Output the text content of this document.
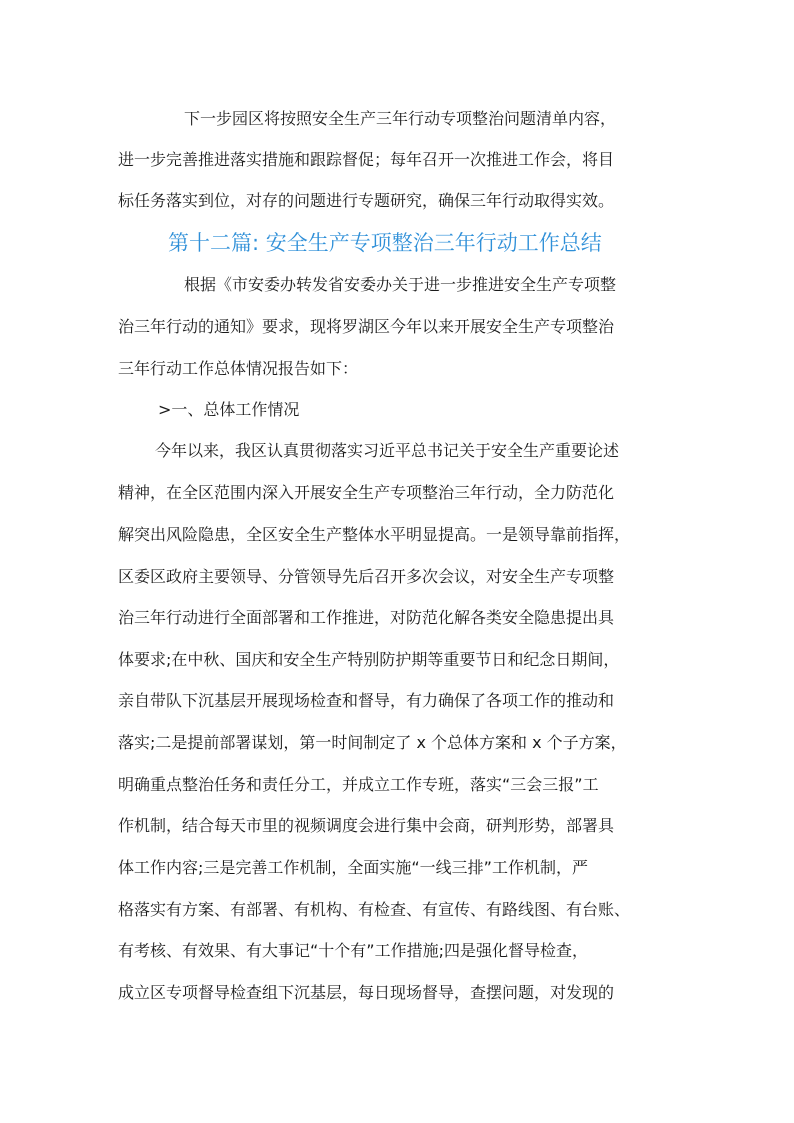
下一步园区将按照安全生产三年行动专项整治问题清单内容，
进一步完善推进落实措施和跟踪督促；每年召开一次推进工作会，将目
标任务落实到位，对存的问题进行专题研究，确保三年行动取得实效。
第十二篇: 安全生产专项整治三年行动工作总结
根据《市安委办转发省安委办关于进一步推进安全生产专项整
治三年行动的通知》要求，现将罗湖区今年以来开展安全生产专项整治
三年行动工作总体情况报告如下：
>一、总体工作情况
今年以来，我区认真贯彻落实习近平总书记关于安全生产重要论述
精神，在全区范围内深入开展安全生产专项整治三年行动，全力防范化
解突出风险隐患，全区安全生产整体水平明显提高。一是领导靠前指挥，
区委区政府主要领导、分管领导先后召开多次会议，对安全生产专项整
治三年行动进行全面部署和工作推进，对防范化解各类安全隐患提出具
体要求;在中秋、国庆和安全生产特别防护期等重要节日和纪念日期间，
亲自带队下沉基层开展现场检查和督导，有力确保了各项工作的推动和
落实;二是提前部署谋划，第一时间制定了 x 个总体方案和 x 个子方案，
明确重点整治任务和责任分工，并成立工作专班，落实“三会三报”工
作机制，结合每天市里的视频调度会进行集中会商，研判形势，部署具
体工作内容;三是完善工作机制，全面实施“一线三排”工作机制，严
格落实有方案、有部署、有机构、有检查、有宣传、有路线图、有台账、
有考核、有效果、有大事记“十个有”工作措施;四是强化督导检查，
成立区专项督导检查组下沉基层，每日现场督导，查摆问题，对发现的
